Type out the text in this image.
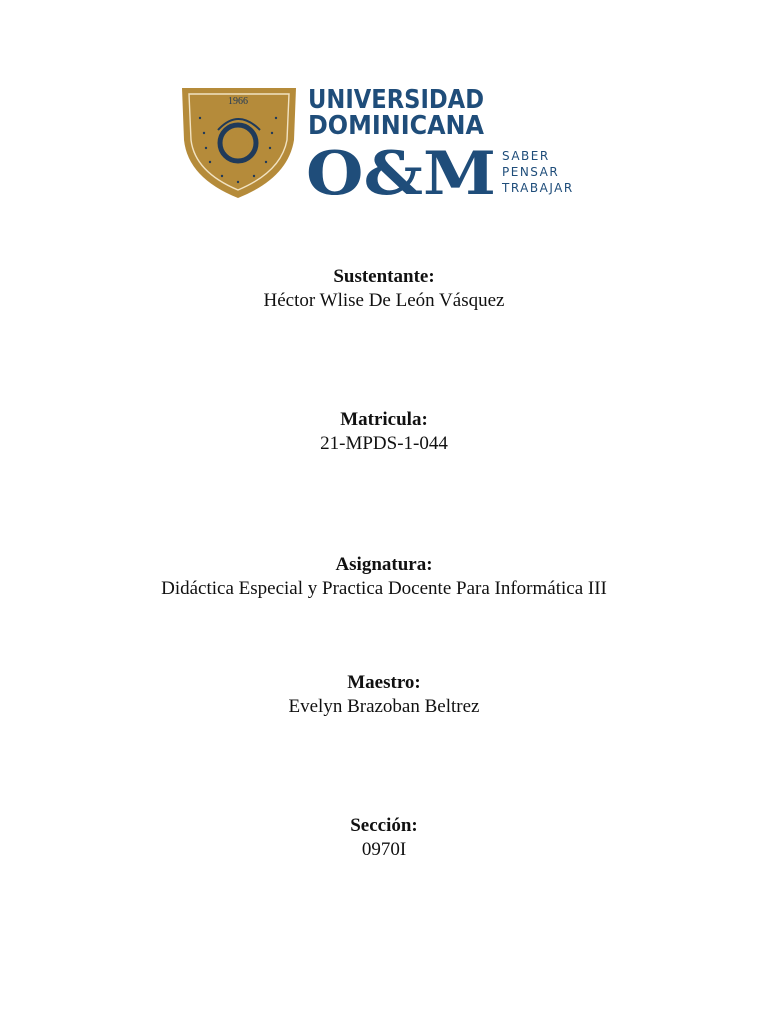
1966 UNIVERSIDAD
DOMINICANA
O&M SABER
PENSAR
TRABAJAR

Sustentante:

Héctor Wlise De León Vásquez

Matricula:

21-MPDS-1-044

Asignatura:

Didáctica Especial y Practica Docente Para Informática III

Maestro:

Evelyn Brazoban Beltrez

Sección:

0970I
